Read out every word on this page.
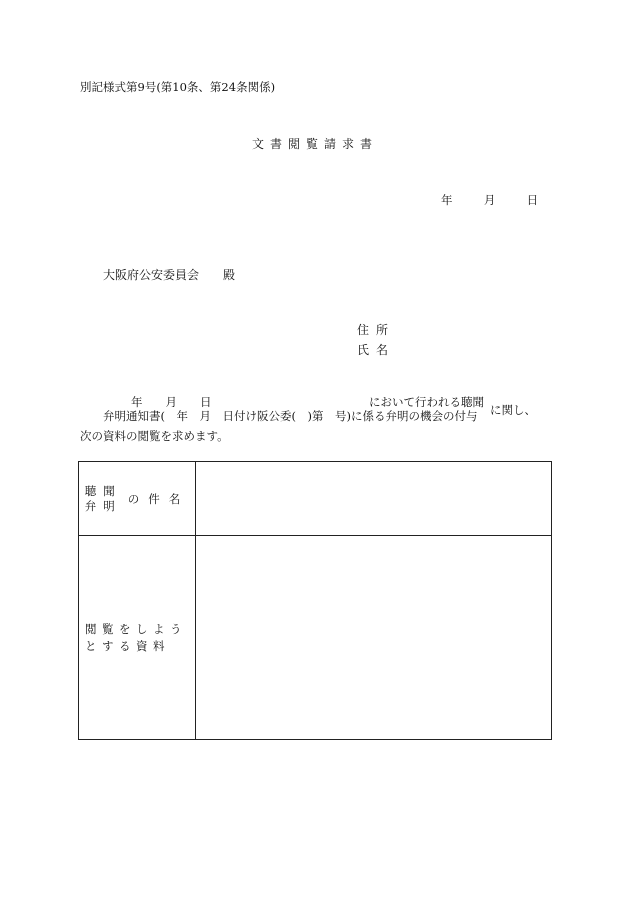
別記様式第9号(第10条、第24条関係)
文書閲覧請求書
年	月	日
大阪府公安委員会　　殿
住所
氏名
年　　月　　日	において行われる聴聞
弁明通知書(　年　月　日付け阪公委(　)第　号)に係る弁明の機会の付与 に関し、
次の資料の閲覧を求めます。
聴聞
弁明 の件名	

閲覧をしよう
とする資料	
